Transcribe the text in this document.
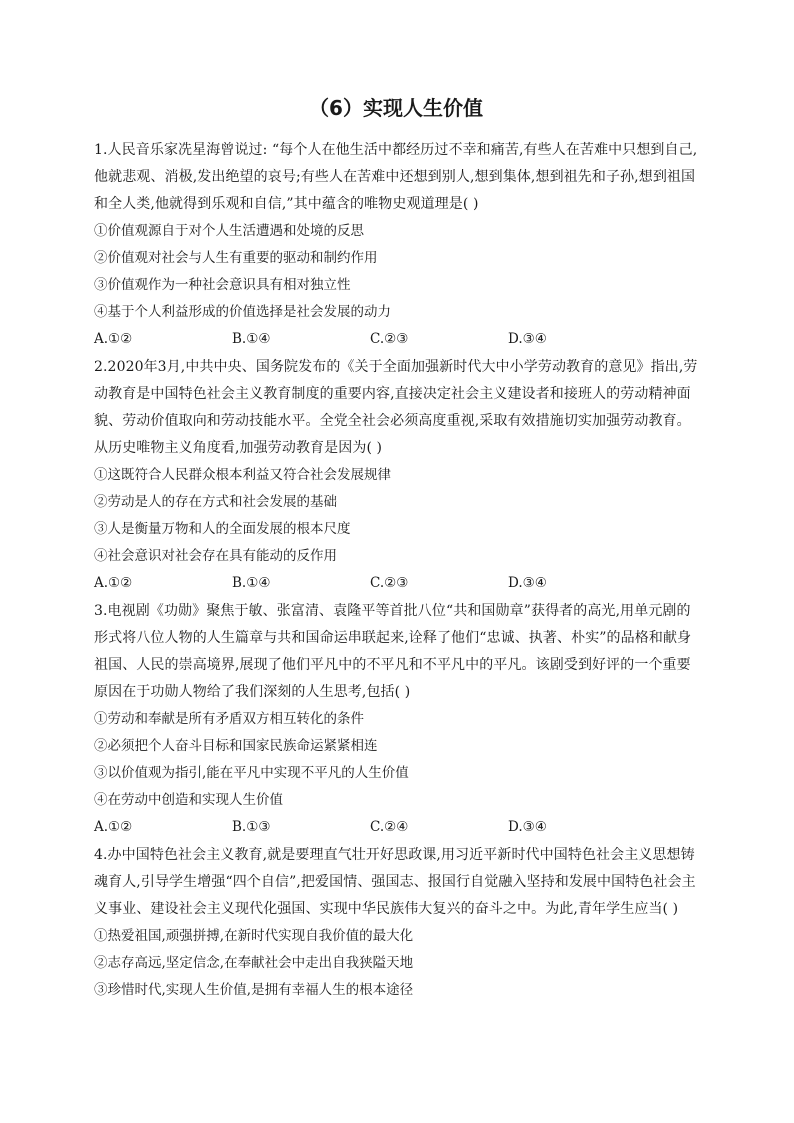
（6）实现人生价值

1.人民音乐家冼星海曾说过: “每个人在他生活中都经历过不幸和痛苦,有些人在苦难中只想到自己,他就悲观、消极,发出绝望的哀号;有些人在苦难中还想到别人,想到集体,想到祖先和子孙,想到祖国和全人类,他就得到乐观和自信,”其中蕴含的唯物史观道理是( )

①价值观源自于对个人生活遭遇和处境的反思

②价值观对社会与人生有重要的驱动和制约作用

③价值观作为一种社会意识具有相对独立性

④基于个人利益形成的价值选择是社会发展的动力

A.①②	B.①④	C.②③	D.③④

2.2020年3月,中共中央、国务院发布的《关于全面加强新时代大中小学劳动教育的意见》指出,劳动教育是中国特色社会主义教育制度的重要内容,直接决定社会主义建设者和接班人的劳动精神面貌、劳动价值取向和劳动技能水平。全党全社会必须高度重视,采取有效措施切实加强劳动教育。从历史唯物主义角度看,加强劳动教育是因为( )

①这既符合人民群众根本利益又符合社会发展规律

②劳动是人的存在方式和社会发展的基础

③人是衡量万物和人的全面发展的根本尺度

④社会意识对社会存在具有能动的反作用

A.①②	B.①④	C.②③	D.③④

3.电视剧《功勋》聚焦于敏、张富清、袁隆平等首批八位“共和国勋章”获得者的高光,用单元剧的形式将八位人物的人生篇章与共和国命运串联起来,诠释了他们“忠诚、执著、朴实”的品格和献身祖国、人民的崇高境界,展现了他们平凡中的不平凡和不平凡中的平凡。该剧受到好评的一个重要原因在于功勋人物给了我们深刻的人生思考,包括( )

①劳动和奉献是所有矛盾双方相互转化的条件

②必须把个人奋斗目标和国家民族命运紧紧相连

③以价值观为指引,能在平凡中实现不平凡的人生价值

④在劳动中创造和实现人生价值

A.①②	B.①③	C.②④	D.③④

4.办中国特色社会主义教育,就是要理直气壮开好思政课,用习近平新时代中国特色社会主义思想铸魂育人,引导学生增强“四个自信”,把爱国情、强国志、报国行自觉融入坚持和发展中国特色社会主义事业、建设社会主义现代化强国、实现中华民族伟大复兴的奋斗之中。为此,青年学生应当( )

①热爱祖国,顽强拼搏,在新时代实现自我价值的最大化

②志存高远,坚定信念,在奉献社会中走出自我狭隘天地

③珍惜时代,实现人生价值,是拥有幸福人生的根本途径
